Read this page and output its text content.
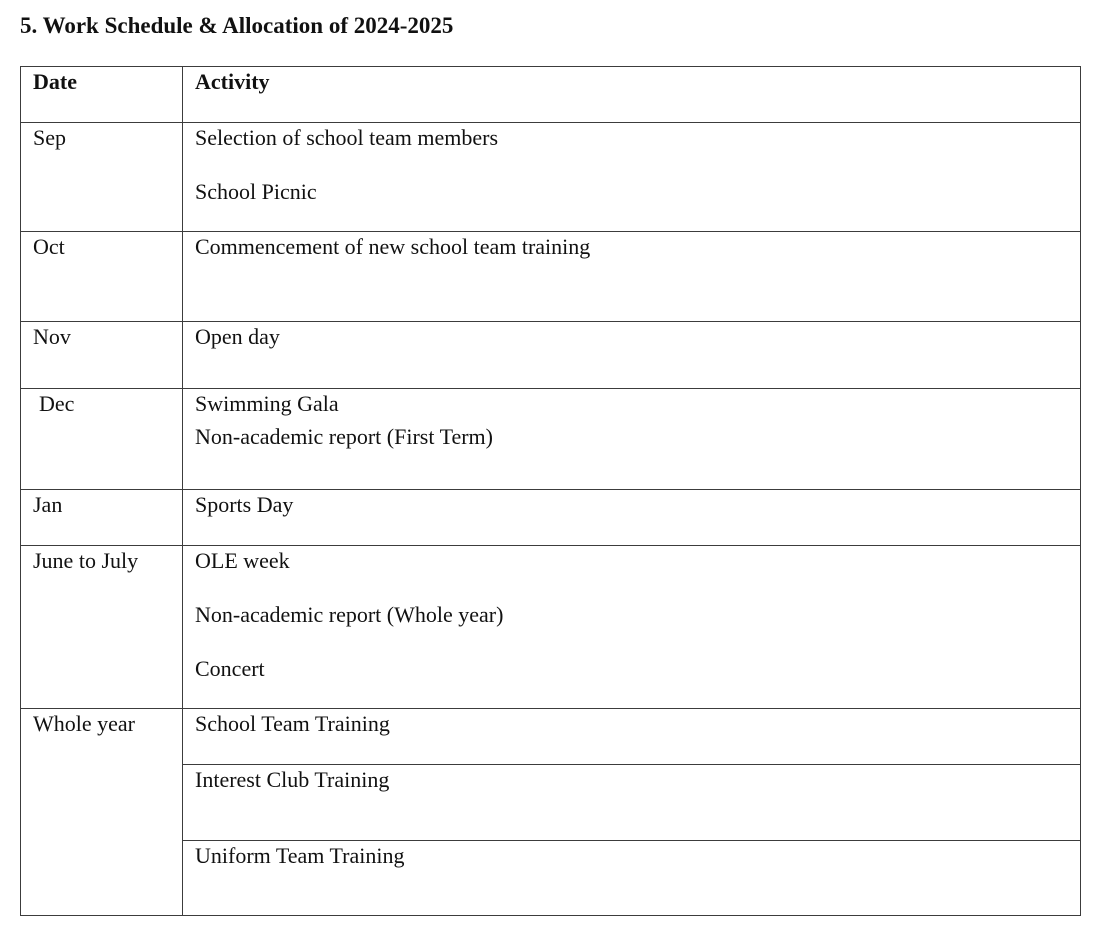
5. Work Schedule & Allocation of 2024-2025
Date	Activity
Sep	Selection of school team members
School Picnic

Oct	Commencement of new school team training

Nov	Open day

Dec	Swimming Gala
Non-academic report (First Term)

Jan	Sports Day

June to July	OLE week
Non-academic report (Whole year)
Concert

Whole year	School Team Training

	Interest Club Training

	Uniform Team Training
